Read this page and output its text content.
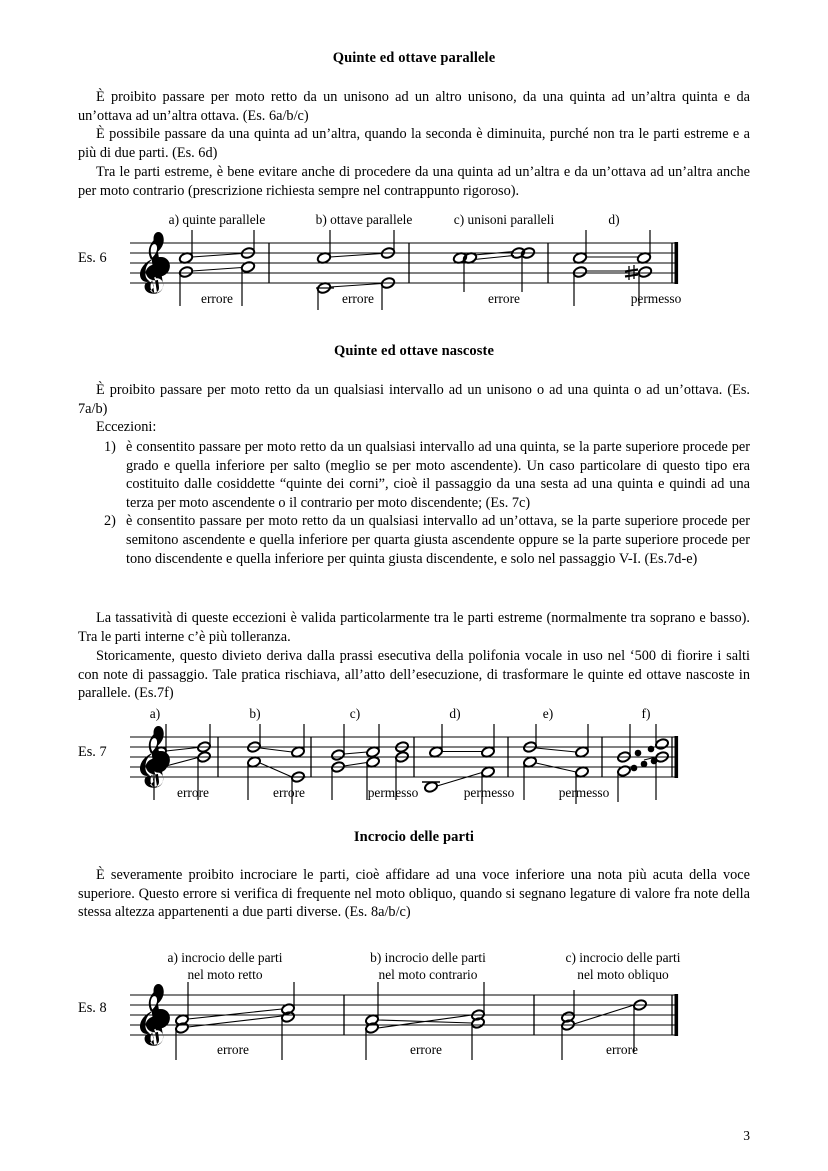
Quinte ed ottave parallele

È proibito passare per moto retto da un unisono ad un altro unisono, da una quinta ad un’altra quinta e da un’ottava ad un’altra ottava. (Es. 6a/b/c)

È possibile passare da una quinta ad un’altra, quando la seconda è diminuita, purché non tra le parti estreme e a più di due parti. (Es. 6d)

Tra le parti estreme, è bene evitare anche di procedere da una quinta ad un’altra e da un’ottava ad un’altra anche per moto contrario (prescrizione richiesta sempre nel contrappunto rigoroso).

Es. 6
a) quinte parallele	b) ottave parallele	c) unisoni paralleli	d)
errore	errore	errore	permesso
Quinte ed ottave nascoste

È proibito passare per moto retto da un qualsiasi intervallo ad un unisono o ad una quinta o ad un’ottava. (Es. 7a/b)

Eccezioni:

1) è consentito passare per moto retto da un qualsiasi intervallo ad una quinta, se la parte superiore procede per grado e quella inferiore per salto (meglio se per moto ascendente). Un caso particolare di questo tipo era costituito dalle cosiddette “quinte dei corni”, cioè il passaggio da una sesta ad una quinta e quindi ad una terza per moto ascendente o il contrario per moto discendente; (Es. 7c)
2) è consentito passare per moto retto da un qualsiasi intervallo ad un’ottava, se la parte superiore procede per semitono ascendente e quella inferiore per quarta giusta ascendente oppure se la parte superiore procede per tono discendente e quella inferiore per quinta giusta discendente, e solo nel passaggio V-I. (Es.7d-e)

La tassatività di queste eccezioni è valida particolarmente tra le parti estreme (normalmente tra soprano e basso). Tra le parti interne c’è più tolleranza.

Storicamente, questo divieto deriva dalla prassi esecutiva della polifonia vocale in uso nel ‘500 di fiorire i salti con note di passaggio. Tale pratica rischiava, all’atto dell’esecuzione, di trasformare le quinte ed ottave nascoste in parallele. (Es.7f)

Es. 7
a)	b)	c)	d)	e)	f)
errore	errore	permesso	permesso	permesso
Incrocio delle parti

È severamente proibito incrociare le parti, cioè affidare ad una voce inferiore una nota più acuta della voce superiore. Questo errore si verifica di frequente nel moto obliquo, quando si segnano legature di valore fra note della stessa altezza appartenenti a due parti diverse. (Es. 8a/b/c)

Es. 8
a) incrocio delle parti
nel moto retto
b) incrocio delle parti
nel moto contrario
c) incrocio delle parti
nel moto obliquo
errore	errore	errore
3
